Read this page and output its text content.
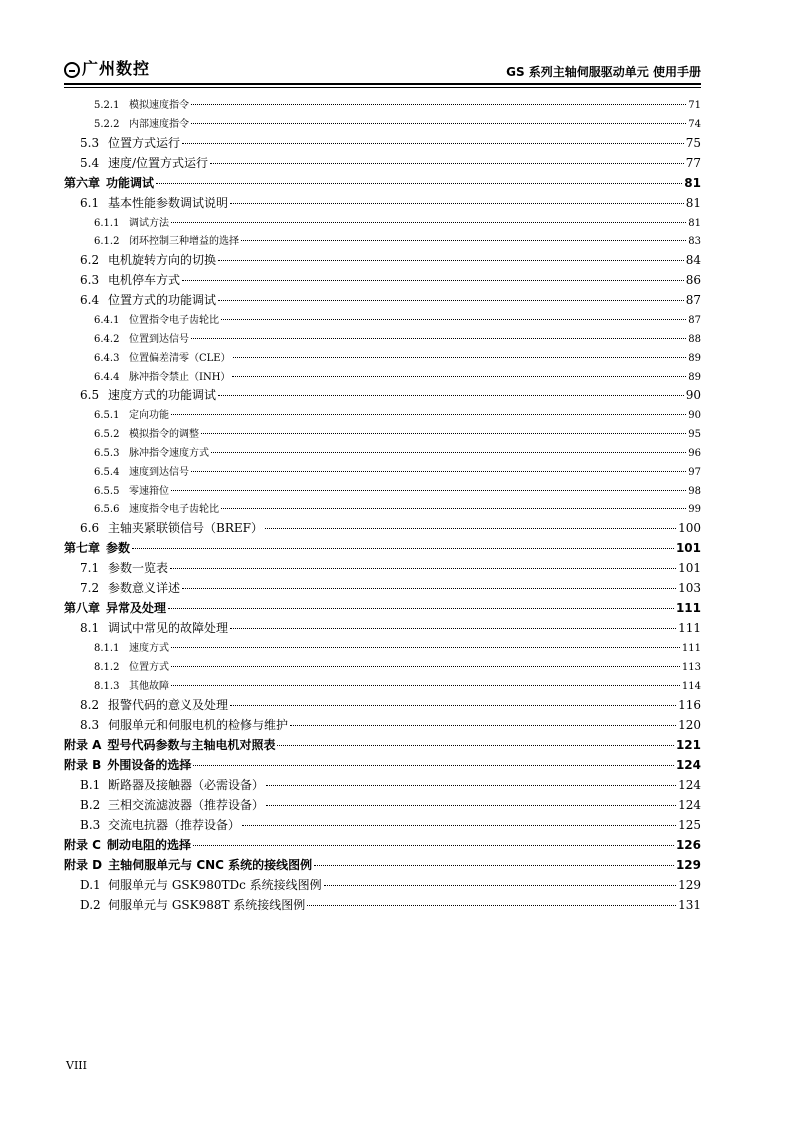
广州数控	GS 系列主轴伺服驱动单元 使用手册
5.2.1 模拟速度指令	71
5.2.2 内部速度指令	74
5.3 位置方式运行	75
5.4 速度/位置方式运行	77
第六章 功能调试	81
6.1 基本性能参数调试说明	81
6.1.1 调试方法	81
6.1.2 闭环控制三种增益的选择	83
6.2 电机旋转方向的切换	84
6.3 电机停车方式	86
6.4 位置方式的功能调试	87
6.4.1 位置指令电子齿轮比	87
6.4.2 位置到达信号	88
6.4.3 位置偏差清零（CLE）	89
6.4.4 脉冲指令禁止（INH）	89
6.5 速度方式的功能调试	90
6.5.1 定向功能	90
6.5.2 模拟指令的调整	95
6.5.3 脉冲指令速度方式	96
6.5.4 速度到达信号	97
6.5.5 零速箝位	98
6.5.6 速度指令电子齿轮比	99
6.6 主轴夹紧联锁信号（BREF）	100
第七章 参数	101
7.1 参数一览表	101
7.2 参数意义详述	103
第八章 异常及处理	111
8.1 调试中常见的故障处理	111
8.1.1 速度方式	111
8.1.2 位置方式	113
8.1.3 其他故障	114
8.2 报警代码的意义及处理	116
8.3 伺服单元和伺服电机的检修与维护	120
附录 A 型号代码参数与主轴电机对照表	121
附录 B 外围设备的选择	124
B.1 断路器及接触器（必需设备）	124
B.2 三相交流滤波器（推荐设备）	124
B.3 交流电抗器（推荐设备）	125
附录 C 制动电阻的选择	126
附录 D 主轴伺服单元与 CNC 系统的接线图例	129
D.1 伺服单元与 GSK980TDc 系统接线图例	129
D.2 伺服单元与 GSK988T 系统接线图例	131
VIII
